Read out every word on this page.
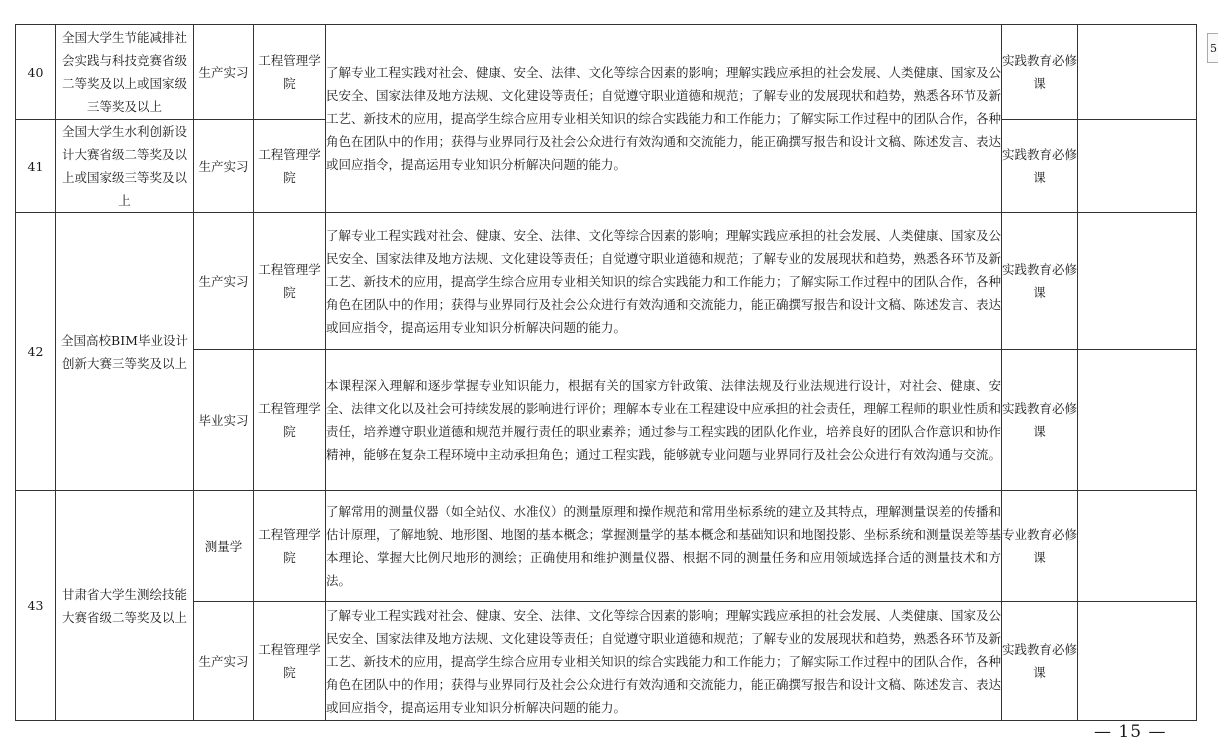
40	全国大学生节能减排社会实践与科技竞赛省级二等奖及以上或国家级三等奖及以上	生产实习	工程管理学院	了解专业工程实践对社会、健康、安全、法律、文化等综合因素的影响；理解实践应承担的社会发展、人类健康、国家及公民安全、国家法律及地方法规、文化建设等责任；自觉遵守职业道德和规范；了解专业的发展现状和趋势，熟悉各环节及新工艺、新技术的应用，提高学生综合应用专业相关知识的综合实践能力和工作能力；了解实际工作过程中的团队合作，各种角色在团队中的作用；获得与业界同行及社会公众进行有效沟通和交流能力，能正确撰写报告和设计文稿、陈述发言、表达或回应指令，提高运用专业知识分析解决问题的能力。	实践教育必修课	
41	全国大学生水利创新设计大赛省级二等奖及以上或国家级三等奖及以上	生产实习	工程管理学院		实践教育必修课	
42	全国高校BIM毕业设计创新大赛三等奖及以上	生产实习	工程管理学院	了解专业工程实践对社会、健康、安全、法律、文化等综合因素的影响；理解实践应承担的社会发展、人类健康、国家及公民安全、国家法律及地方法规、文化建设等责任；自觉遵守职业道德和规范；了解专业的发展现状和趋势，熟悉各环节及新工艺、新技术的应用，提高学生综合应用专业相关知识的综合实践能力和工作能力；了解实际工作过程中的团队合作，各种角色在团队中的作用；获得与业界同行及社会公众进行有效沟通和交流能力，能正确撰写报告和设计文稿、陈述发言、表达或回应指令，提高运用专业知识分析解决问题的能力。	实践教育必修课	
		毕业实习	工程管理学院	本课程深入理解和逐步掌握专业知识能力，根据有关的国家方针政策、法律法规及行业法规进行设计，对社会、健康、安全、法律文化以及社会可持续发展的影响进行评价；理解本专业在工程建设中应承担的社会责任，理解工程师的职业性质和责任，培养遵守职业道德和规范并履行责任的职业素养；通过参与工程实践的团队化作业，培养良好的团队合作意识和协作精神，能够在复杂工程环境中主动承担角色；通过工程实践，能够就专业问题与业界同行及社会公众进行有效沟通与交流。	实践教育必修课	
43	甘肃省大学生测绘技能大赛省级二等奖及以上	测量学	工程管理学院	了解常用的测量仪器（如全站仪、水准仪）的测量原理和操作规范和常用坐标系统的建立及其特点，理解测量误差的传播和估计原理，了解地貌、地形图、地图的基本概念；掌握测量学的基本概念和基础知识和地图投影、坐标系统和测量误差等基本理论、掌握大比例尺地形的测绘；正确使用和维护测量仪器、根据不同的测量任务和应用领域选择合适的测量技术和方法。	专业教育必修课	
		生产实习	工程管理学院	了解专业工程实践对社会、健康、安全、法律、文化等综合因素的影响；理解实践应承担的社会发展、人类健康、国家及公民安全、国家法律及地方法规、文化建设等责任；自觉遵守职业道德和规范；了解专业的发展现状和趋势，熟悉各环节及新工艺、新技术的应用，提高学生综合应用专业相关知识的综合实践能力和工作能力；了解实际工作过程中的团队合作，各种角色在团队中的作用；获得与业界同行及社会公众进行有效沟通和交流能力，能正确撰写报告和设计文稿、陈述发言、表达或回应指令，提高运用专业知识分析解决问题的能力。	实践教育必修课	
5
— 15 —
